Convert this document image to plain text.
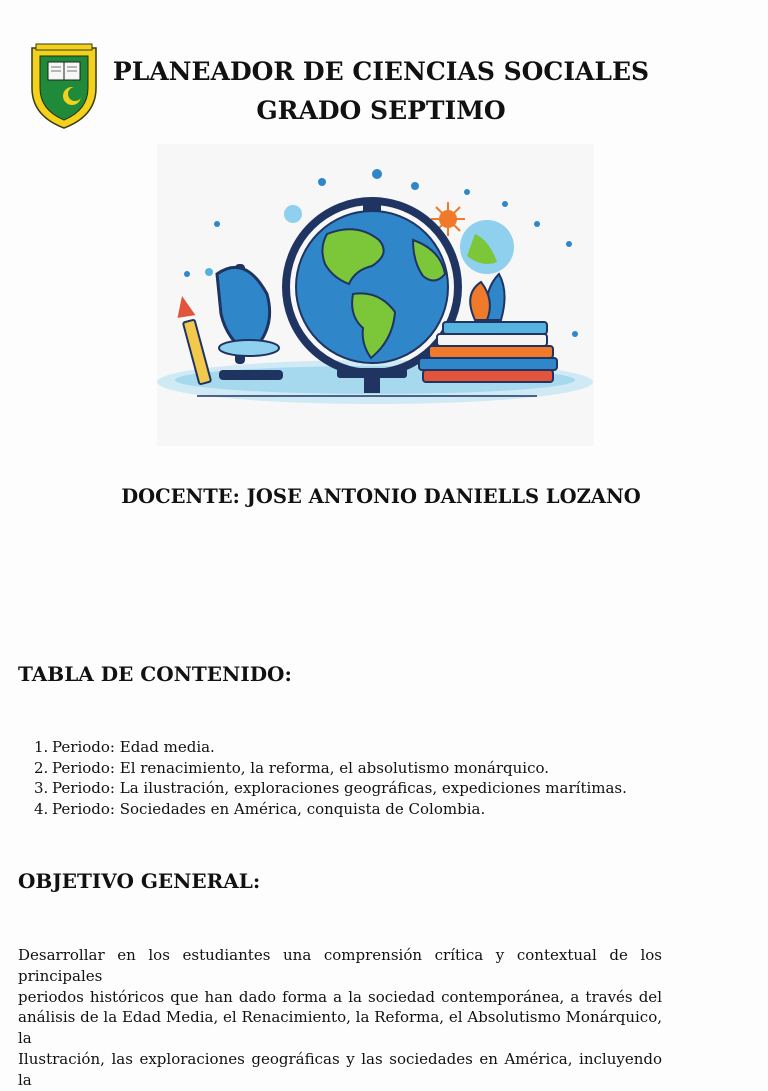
PLANEADOR DE CIENCIAS SOCIALES
GRADO SEPTIMO
DOCENTE: JOSE ANTONIO DANIELLS LOZANO
TABLA DE CONTENIDO:
1. Periodo: Edad media.
2. Periodo: El renacimiento, la reforma, el absolutismo monárquico.
3. Periodo: La ilustración, exploraciones geográficas, expediciones marítimas.
4. Periodo: Sociedades en América, conquista de Colombia.
OBJETIVO GENERAL:
Desarrollar en los estudiantes una comprensión crítica y contextual de los principales
periodos históricos que han dado forma a la sociedad contemporánea, a través del
análisis de la Edad Media, el Renacimiento, la Reforma, el Absolutismo Monárquico, la
Ilustración, las exploraciones geográficas y las sociedades en América, incluyendo la
